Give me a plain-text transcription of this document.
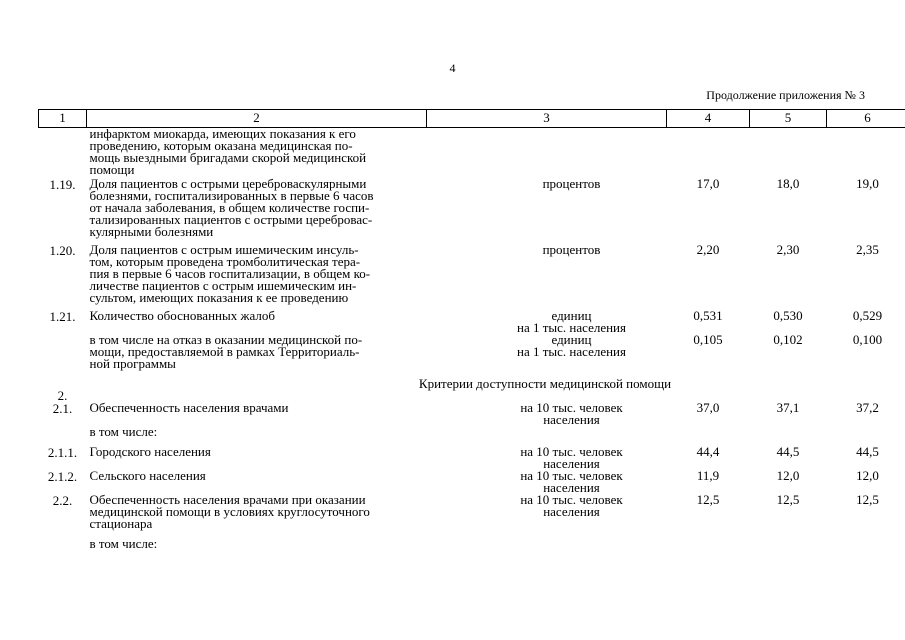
4
Продолжение приложения № 3
1	2	3	4	5	6

	инфарктом миокарда, имеющих показания к его
проведению, которым оказана медицинская по-
мощь выездными бригадами скорой медицинской
помощи				

1.19.	Доля пациентов с острыми цереброваскулярными
болезнями, госпитализированных в первые 6 часов
от начала заболевания, в общем количестве госпи-
тализированных пациентов с острыми церебровас-
кулярными болезнями	процентов	17,0	18,0	19,0
1.20.	Доля пациентов с острым ишемическим инсуль-
том, которым проведена тромболитическая тера-
пия в первые 6 часов госпитализации, в общем ко-
личестве пациентов с острым ишемическим ин-
сультом, имеющих показания к ее проведению	процентов	2,20	2,30	2,35
1.21.	Количество обоснованных жалоб	единиц
на 1 тыс. населения	0,531	0,530	0,529

	в том числе на отказ в оказании медицинской по-
мощи, предоставляемой в рамках Территориаль-
ной программы	единиц
на 1 тыс. населения	0,105	0,102	0,100
2.	Критерии доступности медицинской помощи				
2.1.	Обеспеченность населения врачами	на 10 тыс. человек
населения	37,0	37,1	37,2

	в том числе:				

2.1.1.	Городского населения	на 10 тыс. человек
населения	44,4	44,5	44,5
2.1.2.	Сельского населения	на 10 тыс. человек
населения	11,9	12,0	12,0
2.2.	Обеспеченность населения врачами при оказании
медицинской помощи в условиях круглосуточного
стационара	на 10 тыс. человек
населения	12,5	12,5	12,5

	в том числе:				
